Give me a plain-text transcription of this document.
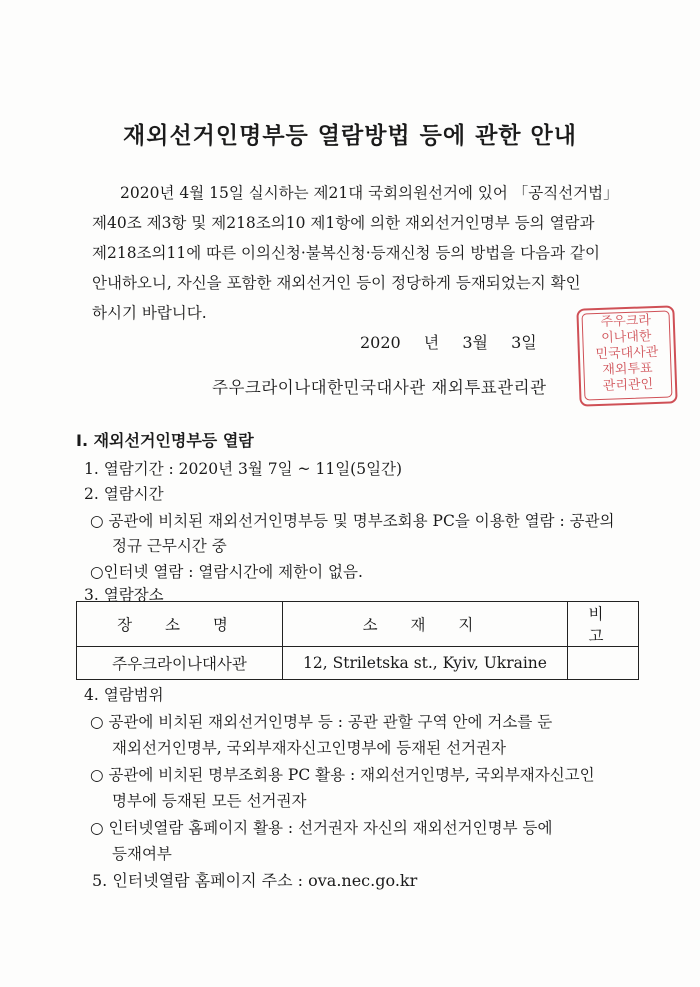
재외선거인명부등 열람방법 등에 관한 안내
2020년 4월 15일 실시하는 제21대 국회의원선거에 있어 「공직선거법」
제40조 제3항 및 제218조의10 제1항에 의한 재외선거인명부 등의 열람과
제218조의11에 따른 이의신청·불복신청·등재신청 등의 방법을 다음과 같이
안내하오니, 자신을 포함한 재외선거인 등이 정당하게 등재되었는지 확인
하시기 바랍니다.
2020 년 3월 3일
주우크라
이나대한
민국대사관
재외투표
관리관인
주우크라이나대한민국대사관 재외투표관리관
I. 재외선거인명부등 열람
1. 열람기간 : 2020년 3월 7일 ~ 11일(5일간)
2. 열람시간
○ 공관에 비치된 재외선거인명부등 및 명부조회용 PC을 이용한 열람 : 공관의
정규 근무시간 중
○인터넷 열람 : 열람시간에 제한이 없음.
3. 열람장소
장 소 명	소 재 지	비 고
주우크라이나대사관	12, Striletska st., Kyiv, Ukraine	
4. 열람범위
○ 공관에 비치된 재외선거인명부 등 : 공관 관할 구역 안에 거소를 둔
재외선거인명부, 국외부재자신고인명부에 등재된 선거권자
○ 공관에 비치된 명부조회용 PC 활용 : 재외선거인명부, 국외부재자신고인
명부에 등재된 모든 선거권자
○ 인터넷열람 홈페이지 활용 : 선거권자 자신의 재외선거인명부 등에
등재여부
5. 인터넷열람 홈페이지 주소 : ova.nec.go.kr
